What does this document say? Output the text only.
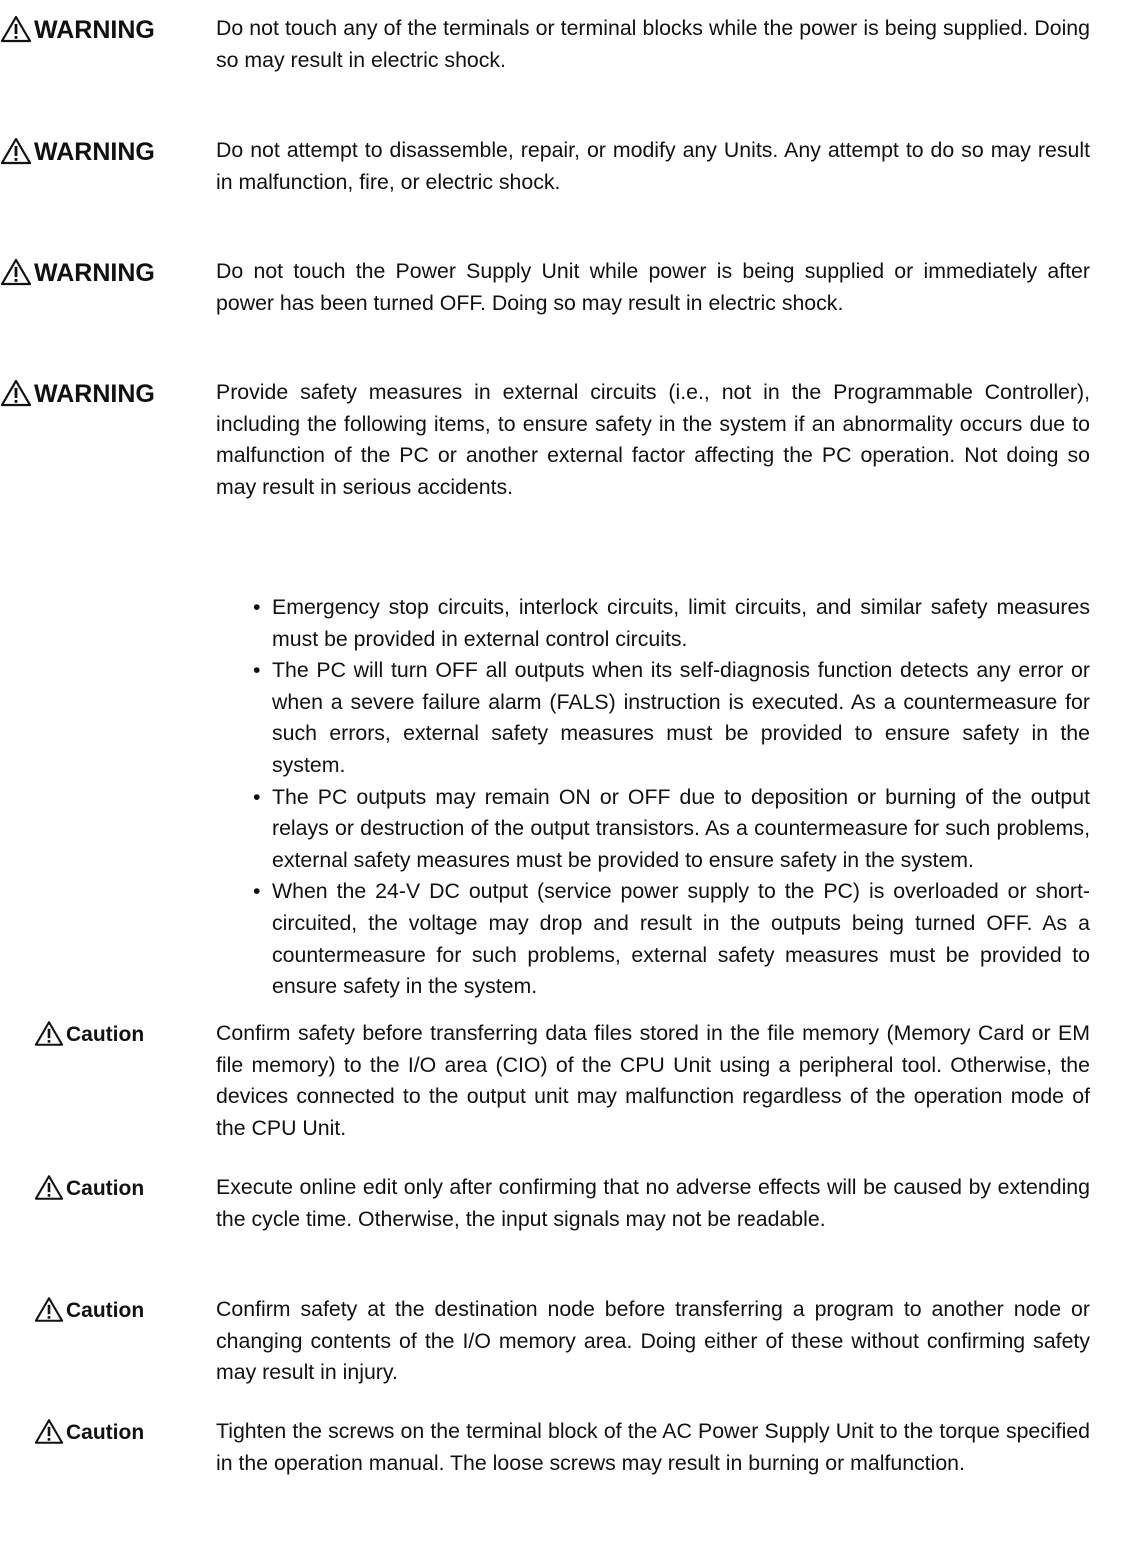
WARNING	Do not touch any of the terminals or terminal blocks while the power is being supplied. Doing so may result in electric shock.

WARNING	Do not attempt to disassemble, repair, or modify any Units. Any attempt to do so may result in malfunction, fire, or electric shock.

WARNING	Do not touch the Power Supply Unit while power is being supplied or immediately after power has been turned OFF. Doing so may result in electric shock.

WARNING	Provide safety measures in external circuits (i.e., not in the Programmable Controller), including the following items, to ensure safety in the system if an abnormality occurs due to malfunction of the PC or another external factor affecting the PC operation. Not doing so may result in serious accidents.

• Emergency stop circuits, interlock circuits, limit circuits, and similar safety measures must be provided in external control circuits.
• The PC will turn OFF all outputs when its self-diagnosis function detects any error or when a severe failure alarm (FALS) instruction is executed. As a countermeasure for such errors, external safety measures must be provided to ensure safety in the system.
• The PC outputs may remain ON or OFF due to deposition or burning of the output relays or destruction of the output transistors. As a countermeasure for such problems, external safety measures must be provided to ensure safety in the system.
• When the 24-V DC output (service power supply to the PC) is overloaded or short-circuited, the voltage may drop and result in the outputs being turned OFF. As a countermeasure for such problems, external safety measures must be provided to ensure safety in the system.
Caution	Confirm safety before transferring data files stored in the file memory (Memory Card or EM file memory) to the I/O area (CIO) of the CPU Unit using a peripheral tool. Otherwise, the devices connected to the output unit may malfunction regardless of the operation mode of the CPU Unit.

Caution	Execute online edit only after confirming that no adverse effects will be caused by extending the cycle time. Otherwise, the input signals may not be readable.

Caution	Confirm safety at the destination node before transferring a program to another node or changing contents of the I/O memory area. Doing either of these without confirming safety may result in injury.

Caution	Tighten the screws on the terminal block of the AC Power Supply Unit to the torque specified in the operation manual. The loose screws may result in burning or malfunction.
